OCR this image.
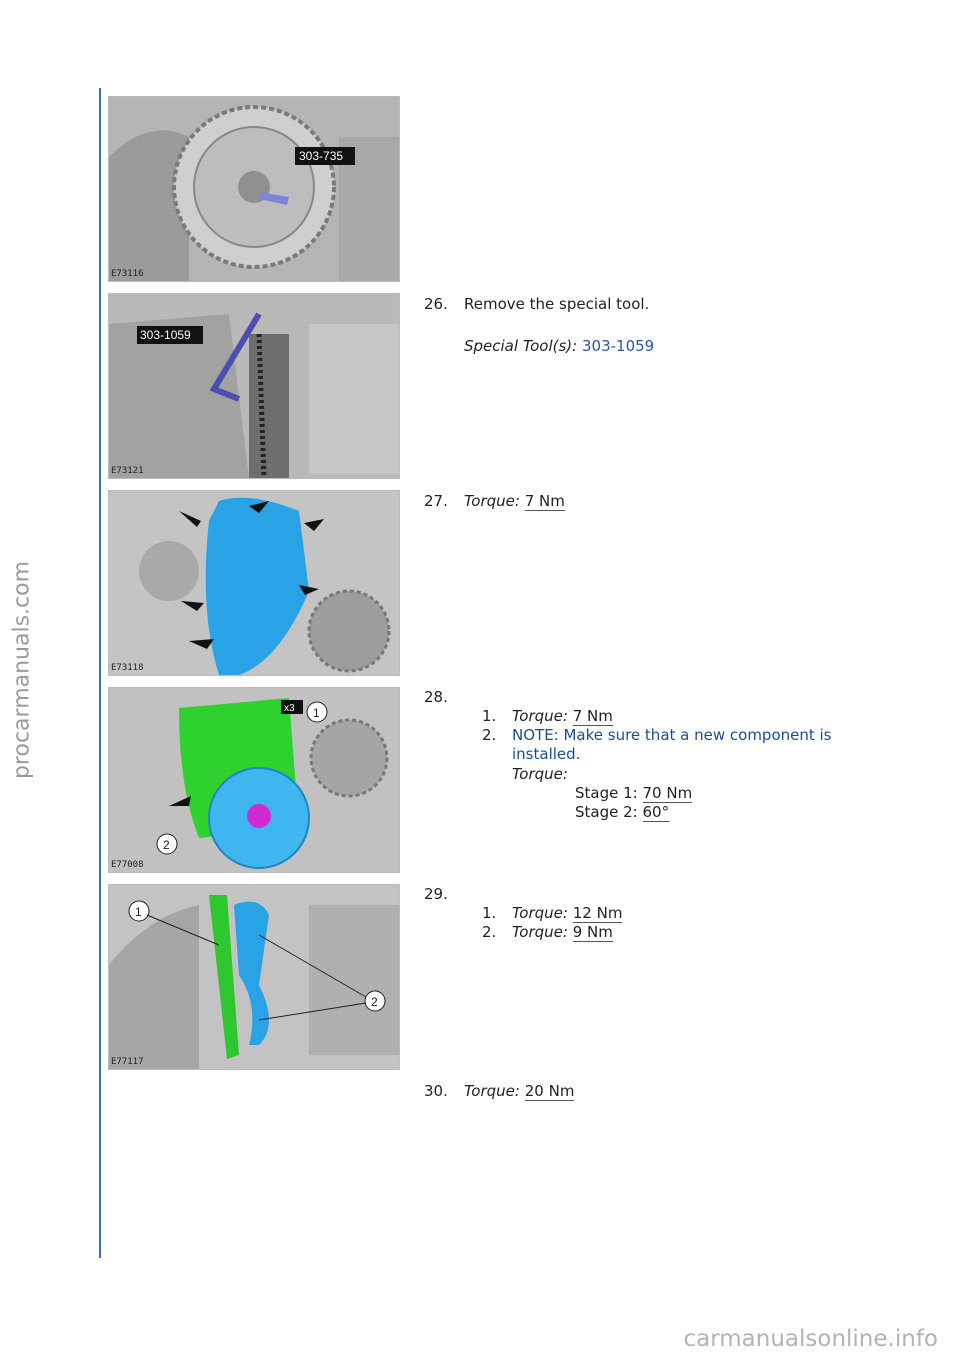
procarmanuals.com
303-735
E73116
303-1059
E73121
26. Remove the special tool.
Special Tool(s): 303-1059
E73118
27. Torque: 7 Nm
x3 1
2
E77008
28.
1. Torque: 7 Nm
2. NOTE: Make sure that a new component is
installed.
Torque:
Stage 1: 70 Nm
Stage 2: 60°
1
2
E77117
29.
1. Torque: 12 Nm
2. Torque: 9 Nm
30. Torque: 20 Nm
carmanualsonline.info
